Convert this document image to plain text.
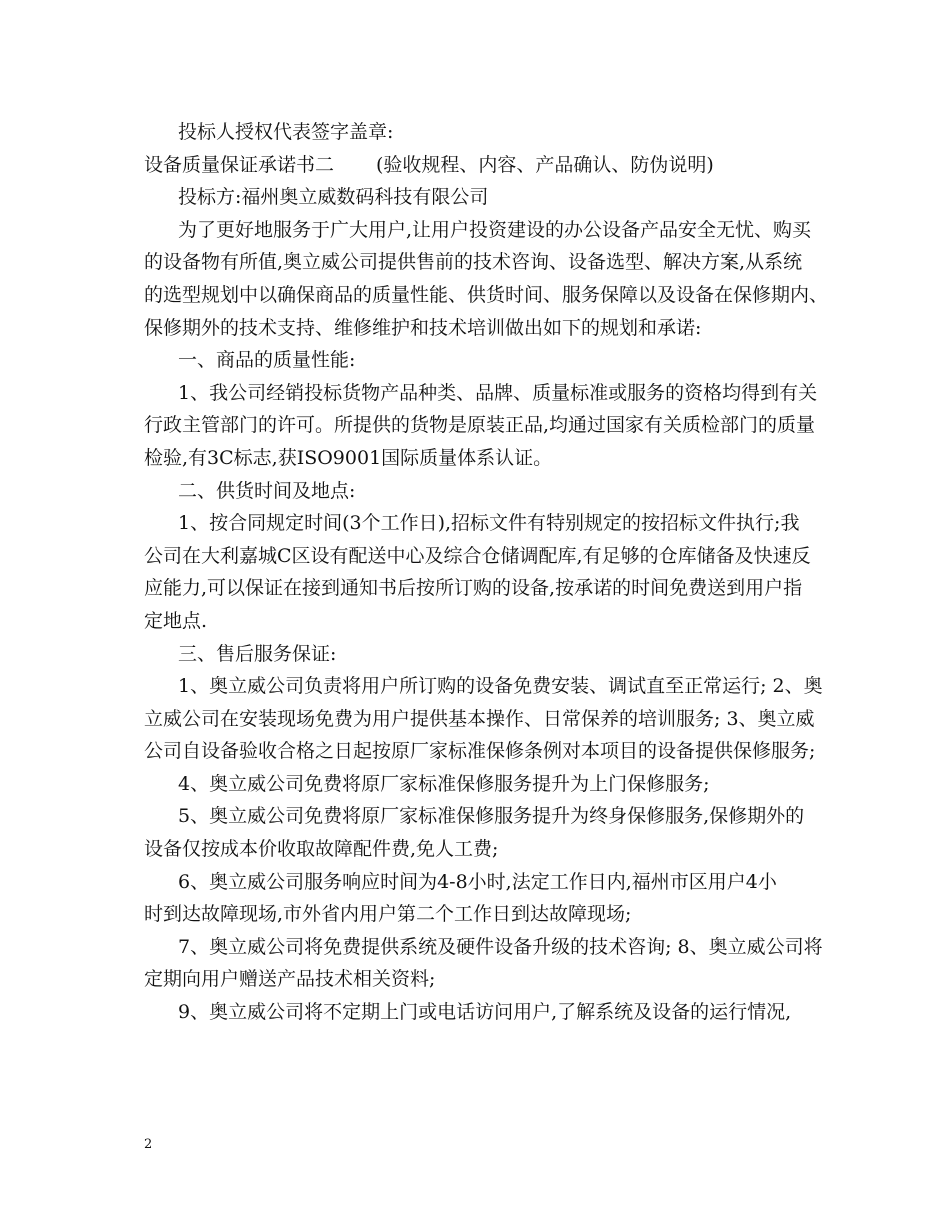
投标人授权代表签字盖章:
设备质量保证承诺书二 (验收规程、内容、产品确认、防伪说明)
投标方:福州奥立威数码科技有限公司
为了更好地服务于广大用户,让用户投资建设的办公设备产品安全无忧、购买
的设备物有所值,奥立威公司提供售前的技术咨询、设备选型、解决方案,从系统
的选型规划中以确保商品的质量性能、供货时间、服务保障以及设备在保修期内、
保修期外的技术支持、维修维护和技术培训做出如下的规划和承诺:
一、商品的质量性能:
1、我公司经销投标货物产品种类、品牌、质量标准或服务的资格均得到有关
行政主管部门的许可。所提供的货物是原装正品,均通过国家有关质检部门的质量
检验,有3C标志,获ISO9001国际质量体系认证。
二、供货时间及地点:
1、按合同规定时间(3个工作日),招标文件有特别规定的按招标文件执行;我
公司在大利嘉城C区设有配送中心及综合仓储调配库,有足够的仓库储备及快速反
应能力,可以保证在接到通知书后按所订购的设备,按承诺的时间免费送到用户指
定地点.
三、售后服务保证:
1、奥立威公司负责将用户所订购的设备免费安装、调试直至正常运行; 2、奥
立威公司在安装现场免费为用户提供基本操作、日常保养的培训服务; 3、奥立威
公司自设备验收合格之日起按原厂家标准保修条例对本项目的设备提供保修服务;
4、奥立威公司免费将原厂家标准保修服务提升为上门保修服务;
5、奥立威公司免费将原厂家标准保修服务提升为终身保修服务,保修期外的
设备仅按成本价收取故障配件费,免人工费;
6、奥立威公司服务响应时间为4-8小时,法定工作日内,福州市区用户4小
时到达故障现场,市外省内用户第二个工作日到达故障现场;
7、奥立威公司将免费提供系统及硬件设备升级的技术咨询; 8、奥立威公司将
定期向用户赠送产品技术相关资料;
9、奥立威公司将不定期上门或电话访问用户,了解系统及设备的运行情况,
2
